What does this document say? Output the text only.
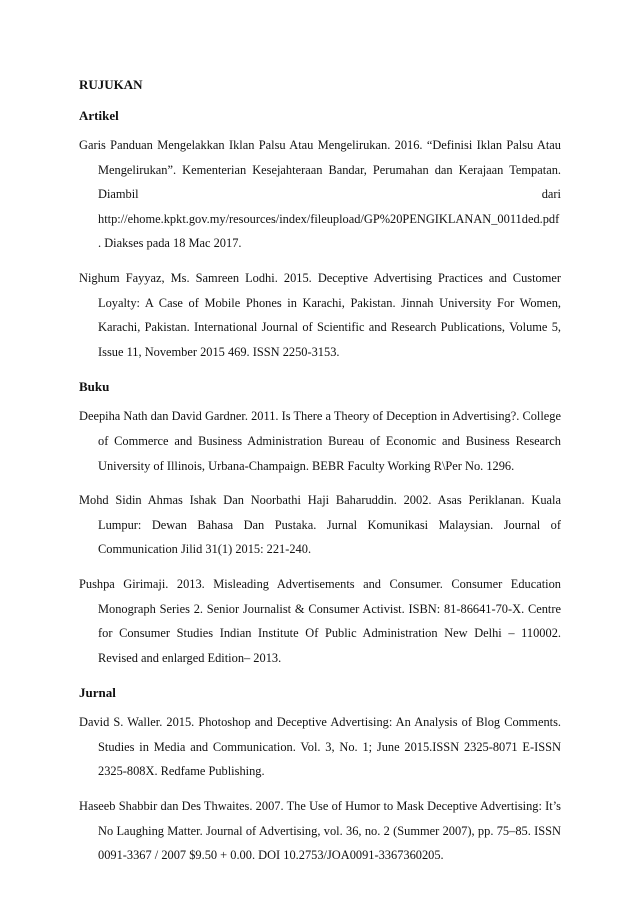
RUJUKAN

Artikel

Garis Panduan Mengelakkan Iklan Palsu Atau Mengelirukan. 2016. “Definisi Iklan Palsu Atau Mengelirukan”. Kementerian Kesejahteraan Bandar, Perumahan dan Kerajaan Tempatan. Diambil dari http://ehome.kpkt.gov.my/resources/index/fileupload/GP%20PENGIKLANAN_0011ded.pdf. Diakses pada 18 Mac 2017.

Nighum Fayyaz, Ms. Samreen Lodhi. 2015. Deceptive Advertising Practices and Customer Loyalty: A Case of Mobile Phones in Karachi, Pakistan. Jinnah University For Women, Karachi, Pakistan. International Journal of Scientific and Research Publications, Volume 5, Issue 11, November 2015 469. ISSN 2250-3153.

Buku

Deepiha Nath dan David Gardner. 2011. Is There a Theory of Deception in Advertising?. College of Commerce and Business Administration Bureau of Economic and Business Research University of Illinois, Urbana-Champaign. BEBR Faculty Working R\Per No. 1296.

Mohd Sidin Ahmas Ishak Dan Noorbathi Haji Baharuddin. 2002. Asas Periklanan. Kuala Lumpur: Dewan Bahasa Dan Pustaka. Jurnal Komunikasi Malaysian. Journal of Communication Jilid 31(1) 2015: 221-240.

Pushpa Girimaji. 2013. Misleading Advertisements and Consumer. Consumer Education Monograph Series 2. Senior Journalist & Consumer Activist. ISBN: 81-86641-70-X. Centre for Consumer Studies Indian Institute Of Public Administration New Delhi – 110002. Revised and enlarged Edition– 2013.

Jurnal

David S. Waller. 2015. Photoshop and Deceptive Advertising: An Analysis of Blog Comments. Studies in Media and Communication. Vol. 3, No. 1; June 2015.ISSN 2325-8071 E-ISSN 2325-808X. Redfame Publishing.

Haseeb Shabbir dan Des Thwaites. 2007. The Use of Humor to Mask Deceptive Advertising: It’s No Laughing Matter. Journal of Advertising, vol. 36, no. 2 (Summer 2007), pp. 75–85. ISSN 0091-3367 / 2007 $9.50 + 0.00. DOI 10.2753/JOA0091-3367360205.
